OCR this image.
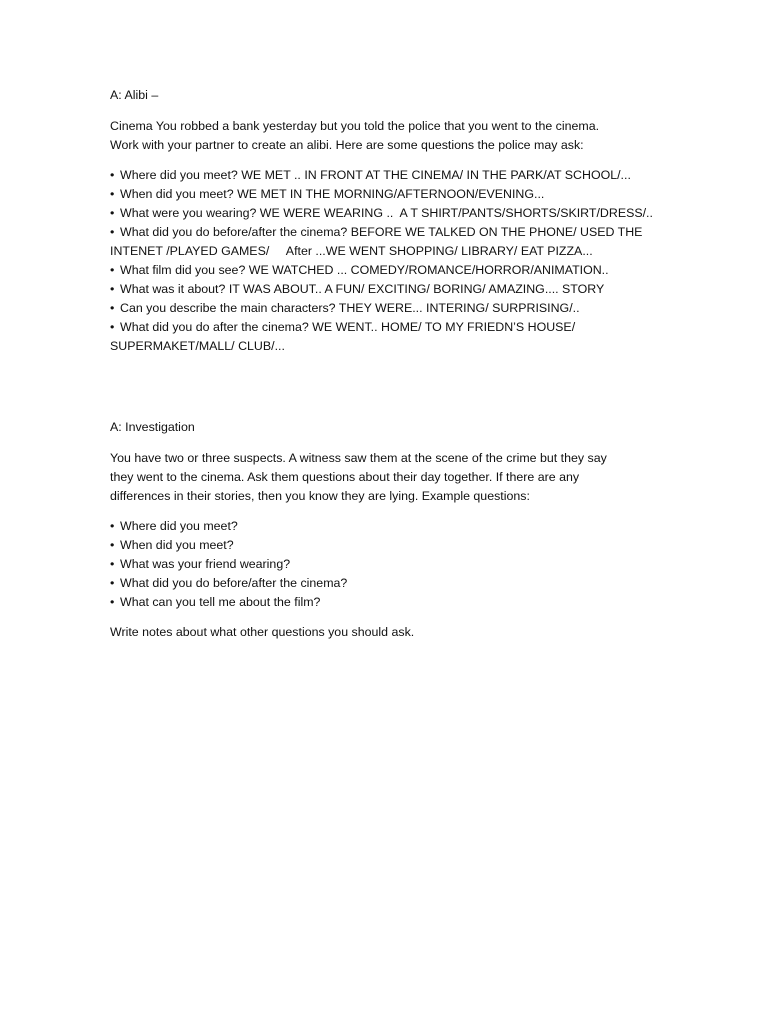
A: Alibi –
Cinema You robbed a bank yesterday but you told the police that you went to the cinema.
Work with your partner to create an alibi. Here are some questions the police may ask:
• Where did you meet? WE MET .. IN FRONT AT THE CINEMA/ IN THE PARK/AT SCHOOL/...
• When did you meet? WE MET IN THE MORNING/AFTERNOON/EVENING...
• What were you wearing? WE WERE WEARING ..  A T SHIRT/PANTS/SHORTS/SKIRT/DRESS/..
• What did you do before/after the cinema? BEFORE WE TALKED ON THE PHONE/ USED THE
INTENET /PLAYED GAMES/     After ...WE WENT SHOPPING/ LIBRARY/ EAT PIZZA...
• What film did you see? WE WATCHED ... COMEDY/ROMANCE/HORROR/ANIMATION..
• What was it about? IT WAS ABOUT.. A FUN/ EXCITING/ BORING/ AMAZING.... STORY
• Can you describe the main characters? THEY WERE... INTERING/ SURPRISING/..
• What did you do after the cinema? WE WENT.. HOME/ TO MY FRIEDN’S HOUSE/
SUPERMAKET/MALL/ CLUB/...
A: Investigation
You have two or three suspects. A witness saw them at the scene of the crime but they say
they went to the cinema. Ask them questions about their day together. If there are any
differences in their stories, then you know they are lying. Example questions:
• Where did you meet?
• When did you meet?
• What was your friend wearing?
• What did you do before/after the cinema?
• What can you tell me about the film?
Write notes about what other questions you should ask.
